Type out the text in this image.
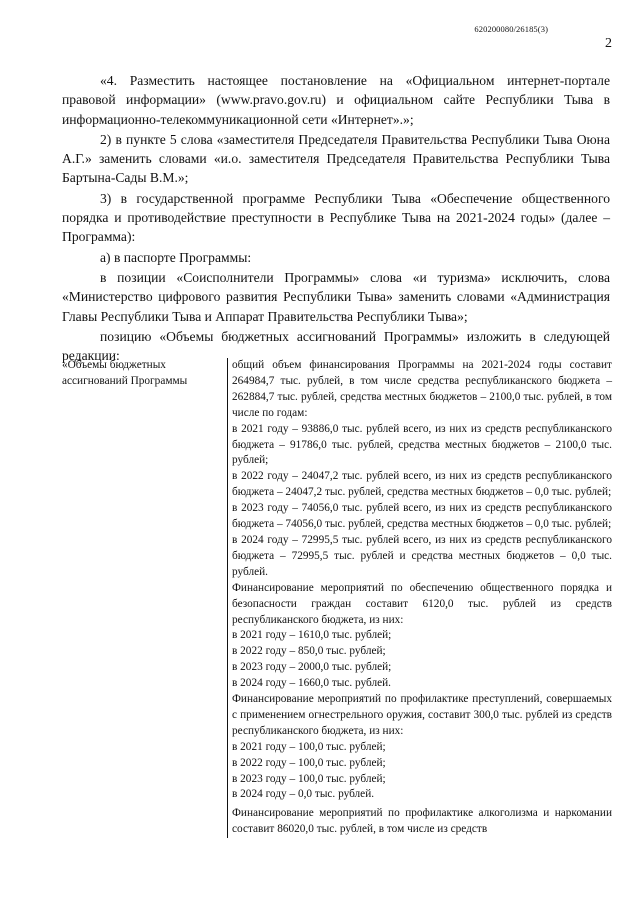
620200080/26185(3)
2

«4. Разместить настоящее постановление на «Официальном интернет-портале правовой информации» (www.pravo.gov.ru) и официальном сайте Республики Тыва в информационно-телекоммуникационной сети «Интернет».»;

2) в пункте 5 слова «заместителя Председателя Правительства Республики Тыва Оюна А.Г.» заменить словами «и.о. заместителя Председателя Правительства Республики Тыва Бартына-Сады В.М.»;

3) в государственной программе Республики Тыва «Обеспечение общественного порядка и противодействие преступности в Республике Тыва на 2021-2024 годы» (далее – Программа):

а) в паспорте Программы:

в позиции «Соисполнители Программы» слова «и туризма» исключить, слова «Министерство цифрового развития Республики Тыва» заменить словами «Администрация Главы Республики Тыва и Аппарат Правительства Республики Тыва»;

позицию «Объемы бюджетных ассигнований Программы» изложить в следующей редакции:

«Объемы бюджетных ассигнований Программы

общий объем финансирования Программы на 2021-2024 годы составит 264984,7 тыс. рублей, в том числе средства республиканского бюджета – 262884,7 тыс. рублей, средства местных бюджетов – 2100,0 тыс. рублей, в том числе по годам:

в 2021 году – 93886,0 тыс. рублей всего, из них из средств республиканского бюджета – 91786,0 тыс. рублей, средства местных бюджетов – 2100,0 тыс. рублей;

в 2022 году – 24047,2 тыс. рублей всего, из них из средств республиканского бюджета – 24047,2 тыс. рублей, средства местных бюджетов – 0,0 тыс. рублей;

в 2023 году – 74056,0 тыс. рублей всего, из них из средств республиканского бюджета – 74056,0 тыс. рублей, средства местных бюджетов – 0,0 тыс. рублей;

в 2024 году – 72995,5 тыс. рублей всего, из них из средств республиканского бюджета – 72995,5 тыс. рублей и средства местных бюджетов – 0,0 тыс. рублей.

Финансирование мероприятий по обеспечению общественного порядка и безопасности граждан составит 6120,0 тыс. рублей из средств республиканского бюджета, из них:

в 2021 году – 1610,0 тыс. рублей;

в 2022 году – 850,0 тыс. рублей;

в 2023 году – 2000,0 тыс. рублей;

в 2024 году – 1660,0 тыс. рублей.

Финансирование мероприятий по профилактике преступлений, совершаемых с применением огнестрельного оружия, составит 300,0 тыс. рублей из средств республиканского бюджета, из них:

в 2021 году – 100,0 тыс. рублей;

в 2022 году – 100,0 тыс. рублей;

в 2023 году – 100,0 тыс. рублей;

в 2024 году – 0,0 тыс. рублей.

Финансирование мероприятий по профилактике алкоголизма и наркомании составит 86020,0 тыс. рублей, в том числе из средств
